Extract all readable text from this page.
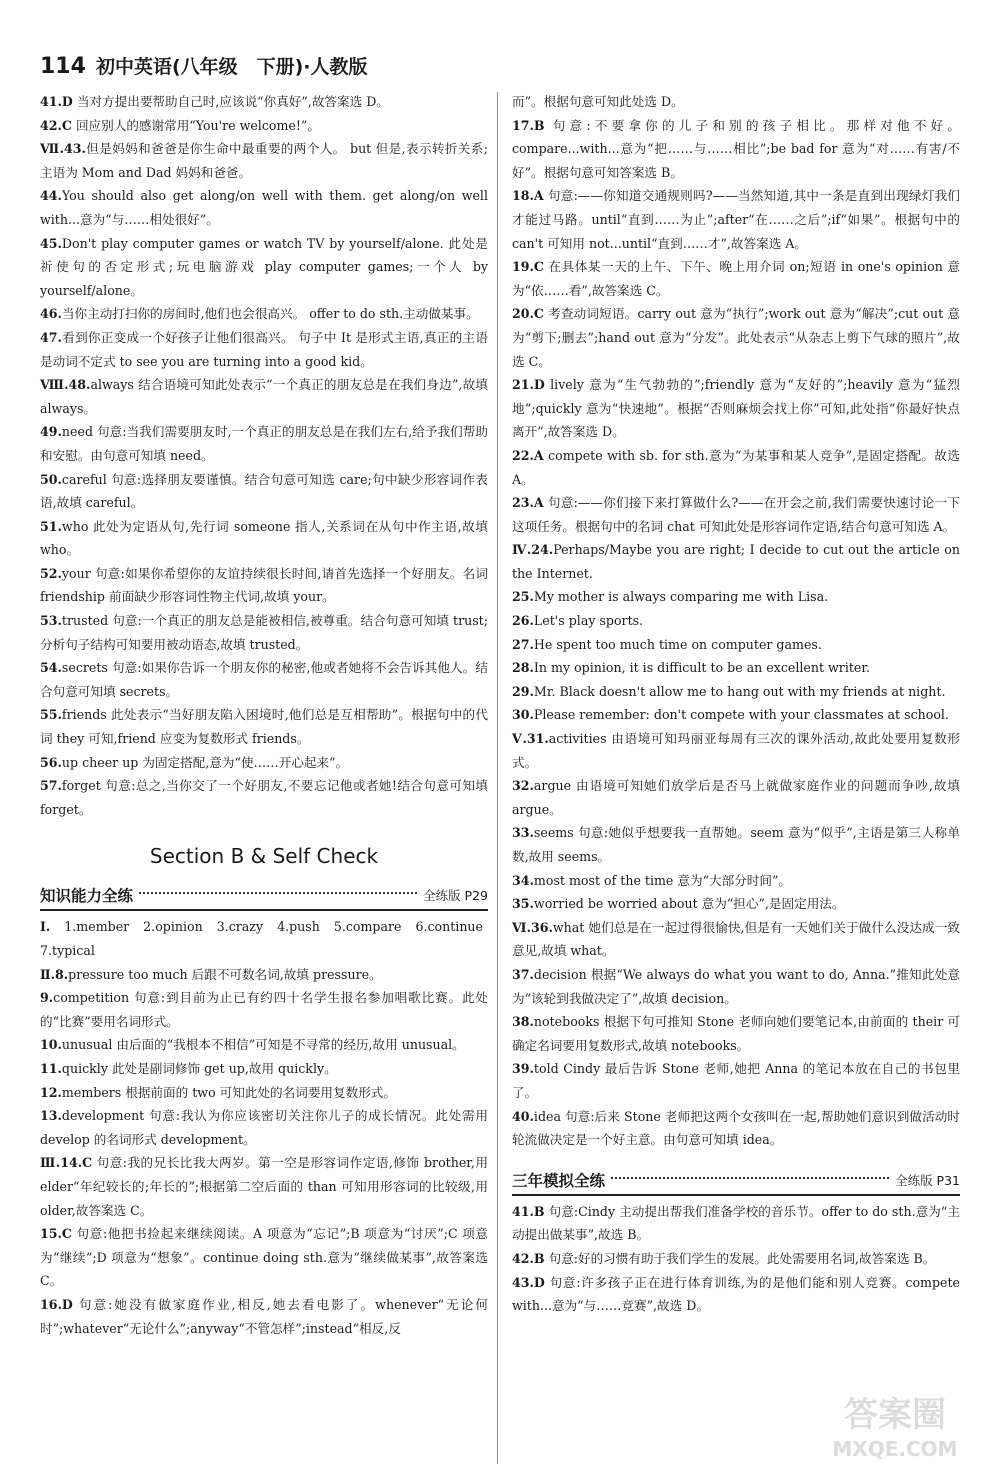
114 初中英语(八年级　下册)·人教版
41.D 当对方提出要帮助自己时,应该说“你真好”,故答案选 D。
42.C 回应别人的感谢常用“You're welcome!”。
Ⅶ.43.但是妈妈和爸爸是你生命中最重要的两个人。 but 但是,表示转折关系;主语为 Mom and Dad 妈妈和爸爸。
44.You should also get along/on well with them. get along/on well with...意为“与……相处很好”。
45.Don't play computer games or watch TV by yourself/alone. 此处是祈使句的否定形式;玩电脑游戏 play computer games;一个人 by yourself/alone。
46.当你主动打扫你的房间时,他们也会很高兴。 offer to do sth.主动做某事。
47.看到你正变成一个好孩子让他们很高兴。 句子中 It 是形式主语,真正的主语是动词不定式 to see you are turning into a good kid。
Ⅷ.48.always 结合语境可知此处表示“一个真正的朋友总是在我们身边”,故填 always。
49.need 句意:当我们需要朋友时,一个真正的朋友总是在我们左右,给予我们帮助和安慰。由句意可知填 need。
50.careful 句意:选择朋友要谨慎。结合句意可知选 care;句中缺少形容词作表语,故填 careful。
51.who 此处为定语从句,先行词 someone 指人,关系词在从句中作主语,故填 who。
52.your 句意:如果你希望你的友谊持续很长时间,请首先选择一个好朋友。名词 friendship 前面缺少形容词性物主代词,故填 your。
53.trusted 句意:一个真正的朋友总是能被相信,被尊重。结合句意可知填 trust;分析句子结构可知要用被动语态,故填 trusted。
54.secrets 句意:如果你告诉一个朋友你的秘密,他或者她将不会告诉其他人。结合句意可知填 secrets。
55.friends 此处表示“当好朋友陷入困境时,他们总是互相帮助”。根据句中的代词 they 可知,friend 应变为复数形式 friends。
56.up cheer up 为固定搭配,意为“使……开心起来”。
57.forget 句意:总之,当你交了一个好朋友,不要忘记他或者她!结合句意可知填 forget。
Section B & Self Check
知识能力全练	全练版 P29
Ⅰ. 1.member 2.opinion 3.crazy 4.push 5.compare 6.continue
7.typical
Ⅱ.8.pressure too much 后跟不可数名词,故填 pressure。
9.competition 句意:到目前为止已有约四十名学生报名参加唱歌比赛。此处的“比赛”要用名词形式。
10.unusual 由后面的“我根本不相信”可知是不寻常的经历,故用 unusual。
11.quickly 此处是副词修饰 get up,故用 quickly。
12.members 根据前面的 two 可知此处的名词要用复数形式。
13.development 句意:我认为你应该密切关注你儿子的成长情况。此处需用 develop 的名词形式 development。
Ⅲ.14.C 句意:我的兄长比我大两岁。第一空是形容词作定语,修饰 brother,用 elder“年纪较长的;年长的”;根据第二空后面的 than 可知用形容词的比较级,用 older,故答案选 C。
15.C 句意:他把书捡起来继续阅读。A 项意为“忘记”;B 项意为“讨厌”;C 项意为“继续”;D 项意为“想象”。continue doing sth.意为“继续做某事”,故答案选 C。
16.D 句意:她没有做家庭作业,相反,她去看电影了。whenever“无论何时”;whatever“无论什么”;anyway“不管怎样”;instead“相反,反
而”。根据句意可知此处选 D。
17.B 句意:不要拿你的儿子和别的孩子相比。那样对他不好。compare...with...意为“把……与……相比”;be bad for 意为“对……有害/不好”。根据句意可知答案选 B。
18.A 句意:——你知道交通规则吗?——当然知道,其中一条是直到出现绿灯我们才能过马路。until“直到……为止”;after“在……之后”;if“如果”。根据句中的 can't 可知用 not...until“直到……才”,故答案选 A。
19.C 在具体某一天的上午、下午、晚上用介词 on;短语 in one's opinion 意为“依……看”,故答案选 C。
20.C 考查动词短语。carry out 意为“执行”;work out 意为“解决”;cut out 意为“剪下;删去”;hand out 意为“分发”。此处表示“从杂志上剪下气球的照片”,故选 C。
21.D lively 意为“生气勃勃的”;friendly 意为“友好的”;heavily 意为“猛烈地”;quickly 意为“快速地”。根据“否则麻烦会找上你”可知,此处指“你最好快点离开”,故答案选 D。
22.A compete with sb. for sth.意为“为某事和某人竞争”,是固定搭配。故选 A。
23.A 句意:——你们接下来打算做什么?——在开会之前,我们需要快速讨论一下这项任务。根据句中的名词 chat 可知此处是形容词作定语,结合句意可知选 A。
Ⅳ.24.Perhaps/Maybe you are right; I decide to cut out the article on the Internet.
25.My mother is always comparing me with Lisa.
26.Let's play sports.
27.He spent too much time on computer games.
28.In my opinion, it is difficult to be an excellent writer.
29.Mr. Black doesn't allow me to hang out with my friends at night.
30.Please remember: don't compete with your classmates at school.
Ⅴ.31.activities 由语境可知玛丽亚每周有三次的课外活动,故此处要用复数形式。
32.argue 由语境可知她们放学后是否马上就做家庭作业的问题而争吵,故填 argue。
33.seems 句意:她似乎想要我一直帮她。seem 意为“似乎”,主语是第三人称单数,故用 seems。
34.most most of the time 意为“大部分时间”。
35.worried be worried about 意为“担心”,是固定用法。
Ⅵ.36.what 她们总是在一起过得很愉快,但是有一天她们关于做什么没达成一致意见,故填 what。
37.decision 根据“We always do what you want to do, Anna.”推知此处意为“该轮到我做决定了”,故填 decision。
38.notebooks 根据下句可推知 Stone 老师向她们要笔记本,由前面的 their 可确定名词要用复数形式,故填 notebooks。
39.told Cindy 最后告诉 Stone 老师,她把 Anna 的笔记本放在自己的书包里了。
40.idea 句意:后来 Stone 老师把这两个女孩叫在一起,帮助她们意识到做活动时轮流做决定是一个好主意。由句意可知填 idea。
三年模拟全练	全练版 P31
41.B 句意:Cindy 主动提出帮我们准备学校的音乐节。offer to do sth.意为“主动提出做某事”,故选 B。
42.B 句意:好的习惯有助于我们学生的发展。此处需要用名词,故答案选 B。
43.D 句意:许多孩子正在进行体育训练,为的是他们能和别人竞赛。compete with...意为“与……竞赛”,故选 D。
答案圈
MXQE.COM
